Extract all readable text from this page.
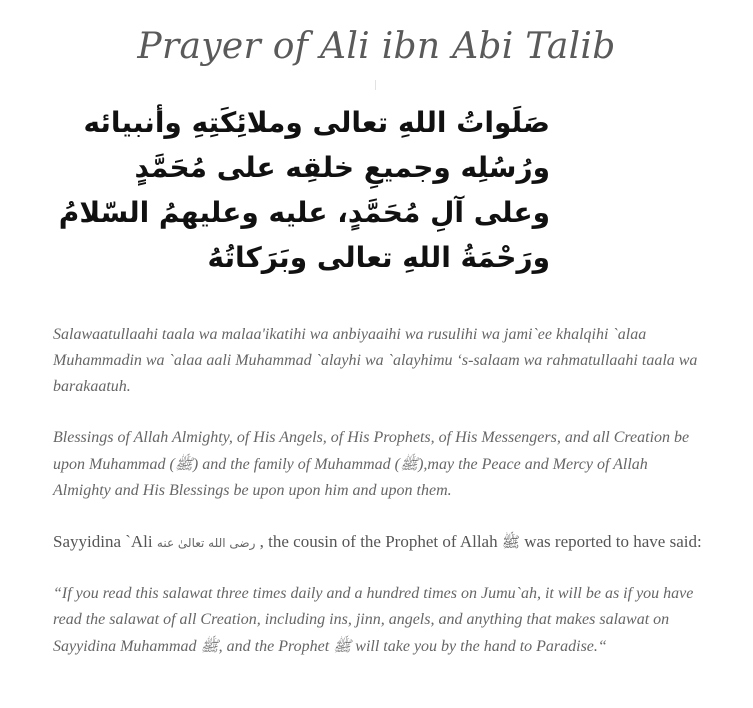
Prayer of Ali ibn Abi Talib
صَلَواتُ اللهِ تعالى وملائِكَتِهِ وأنبيائه
ورُسُلِه وجميعِ خلقِه على مُحَمَّدٍ
وعلى آلِ مُحَمَّدٍ، عليه وعليهمُ السّلامُ
ورَحْمَةُ اللهِ تعالى وبَرَكاتُهُ

Salawaatullaahi taala wa malaa'ikatihi wa anbiyaaihi wa rusulihi wa jami`ee khalqihi `alaa Muhammadin wa `alaa aali Muhammad `alayhi wa `alayhimu ‘s-salaam wa rahmatullaahi taala wa barakaatuh.

Blessings of Allah Almighty, of His Angels, of His Prophets, of His Messengers, and all Creation be upon Muhammad (ﷺ) and the family of Muhammad (ﷺ),may the Peace and Mercy of Allah Almighty and His Blessings be upon upon him and upon them.

Sayyidina `Ali رضى الله تعالىٰ عنه , the cousin of the Prophet of Allah ﷺ was reported to have said:

“If you read this salawat three times daily and a hundred times on Jumu`ah, it will be as if you have read the salawat of all Creation, including ins, jinn, angels, and anything that makes salawat on Sayyidina Muhammad ﷺ, and the Prophet ﷺ will take you by the hand to Paradise.“
